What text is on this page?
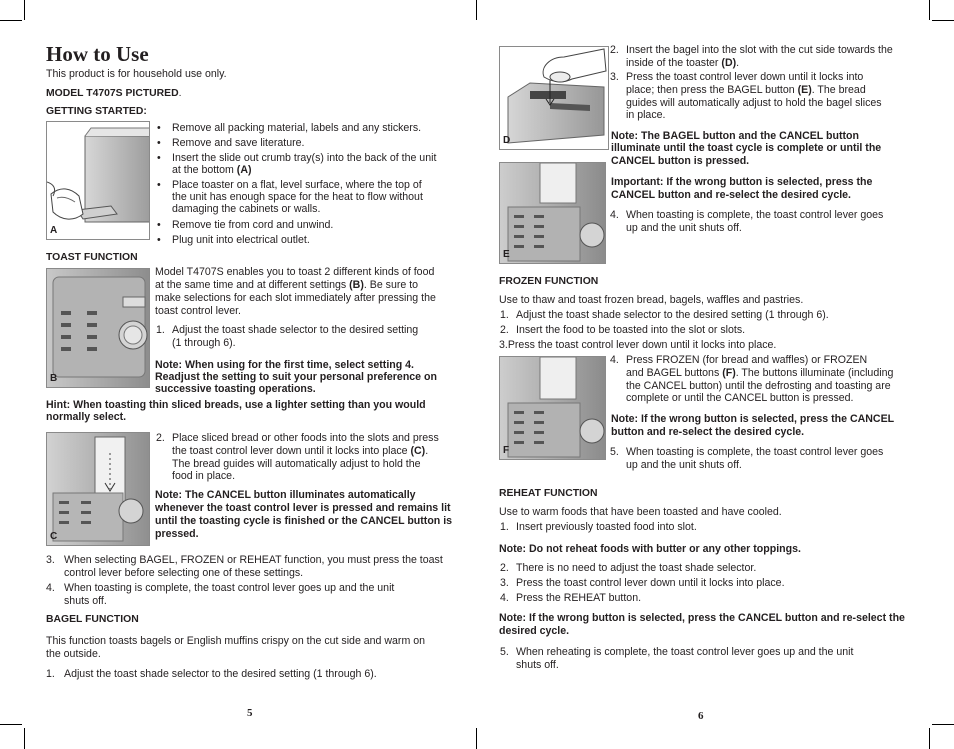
How to Use

This product is for household use only.

MODEL T4707S PICTURED.

GETTING STARTED:

A

• Remove all packing material, labels and any stickers.

• Remove and save literature.

• Insert the slide out crumb tray(s) into the back of the unit

at the bottom (A)

• Place toaster on a flat, level surface, where the top of

the unit has enough space for the heat to flow without

damaging the cabinets or walls.

• Remove tie from cord and unwind.

• Plug unit into electrical outlet.

TOAST FUNCTION

B

Model T4707S enables you to toast 2 different kinds of food

at the same time and at different settings (B). Be sure to

make selections for each slot immediately after pressing the

toast control lever.

1. Adjust the toast shade selector to the desired setting

(1 through 6).

Note: When using for the first time, select setting 4.

Readjust the setting to suit your personal preference on

successive toasting operations.

Hint: When toasting thin sliced breads, use a lighter setting than you would

normally select.

C
2. Place sliced bread or other foods into the slots and press

the toast control lever down until it locks into place (C).

The bread guides will automatically adjust to hold the

food in place.

Note: The CANCEL button illuminates automatically

whenever the toast control lever is pressed and remains lit

until the toasting cycle is finished or the CANCEL button is

pressed.

3. When selecting BAGEL, FROZEN or REHEAT function, you must press the toast

control lever before selecting one of these settings.

4. When toasting is complete, the toast control lever goes up and the unit

shuts off.

BAGEL FUNCTION

This function toasts bagels or English muffins crispy on the cut side and warm on

the outside.

1. Adjust the toast shade selector to the desired setting (1 through 6).

5

D
2. Insert the bagel into the slot with the cut side towards the

inside of the toaster (D).

3. Press the toast control lever down until it locks into

place; then press the BAGEL button (E). The bread

guides will automatically adjust to hold the bagel slices

in place.

Note: The BAGEL button and the CANCEL button

illuminate until the toast cycle is complete or until the

CANCEL button is pressed.

E

Important: If the wrong button is selected, press the

CANCEL button and re-select the desired cycle.

4. When toasting is complete, the toast control lever goes

up and the unit shuts off.

FROZEN FUNCTION

Use to thaw and toast frozen bread, bagels, waffles and pastries.

1. Adjust the toast shade selector to the desired setting (1 through 6).

2. Insert the food to be toasted into the slot or slots.

3.Press the toast control lever down until it locks into place.

F
4. Press FROZEN (for bread and waffles) or FROZEN

and BAGEL buttons (F). The buttons illuminate (including

the CANCEL button) until the defrosting and toasting are

complete or until the CANCEL button is pressed.

Note: If the wrong button is selected, press the CANCEL

button and re-select the desired cycle.

5. When toasting is complete, the toast control lever goes

up and the unit shuts off.

REHEAT FUNCTION

Use to warm foods that have been toasted and have cooled.

1. Insert previously toasted food into slot.

Note: Do not reheat foods with butter or any other toppings.

2. There is no need to adjust the toast shade selector.

3. Press the toast control lever down until it locks into place.

4. Press the REHEAT button.

Note: If the wrong button is selected, press the CANCEL button and re-select the

desired cycle.

5. When reheating is complete, the toast control lever goes up and the unit

shuts off.

6
